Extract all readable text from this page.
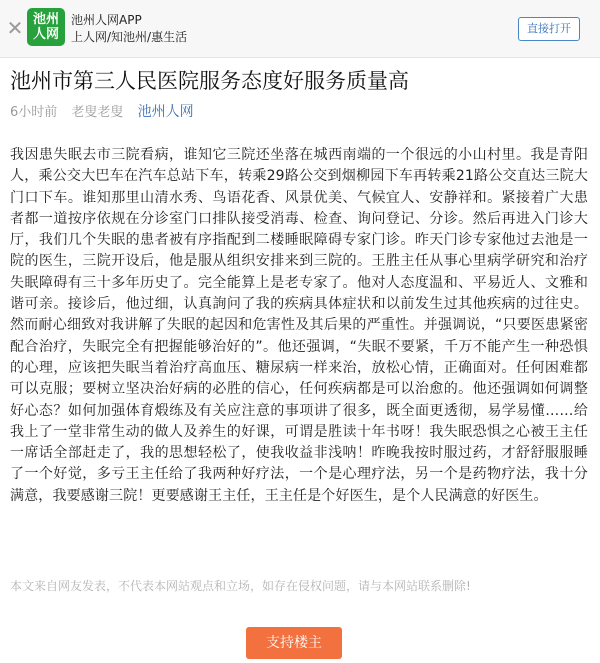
✕ 池州
人网
池州人网APP
上人网/知池州/惠生活
直接打开
池州市第三人民医院服务态度好服务质量高
6小时前 老叟老叟 池州人网
我因患失眠去市三院看病，谁知它三院还坐落在城西南端的一个很远的小山村里。我是青阳人，乘公交大巴车在汽车总站下车，转乘29路公交到烟柳园下车再转乘21路公交直达三院大门口下车。谁知那里山清水秀、鸟语花香、风景优美、气候宜人、安静祥和。紧接着广大患者都一道按序依规在分诊室门口排队接受消毒、检查、询问登记、分诊。然后再进入门诊大厅，我们几个失眠的患者被有序指配到二楼睡眠障碍专家门诊。昨天门诊专家他过去池是一院的医生，三院开设后，他是服从组织安排来到三院的。王胜主任从事心里病学研究和治疗失眠障碍有三十多年历史了。完全能算上是老专家了。他对人态度温和、平易近人、文雅和谐可亲。接诊后，他过细，认真詢问了我的疾病具体症状和以前发生过其他疾病的过往史。然而耐心细致对我讲解了失眠的起因和危害性及其后果的严重性。并强调说，“只要医患紧密配合治疗，失眠完全有把握能够治好的”。他还强调，“失眠不要紧，千万不能产生一种恐惧的心理，应该把失眠当着治疗高血压、糖尿病一样来治，放松心情，正确面对。任何困难都可以克服；要树立坚决治好病的必胜的信心，任何疾病都是可以治愈的。他还强调如何调整好心态？如何加强体育煅练及有关应注意的事项讲了很多，既全面更透彻，易学易懂……给我上了一堂非常生动的做人及养生的好课，可谓是胜读十年书呀！我失眠恐惧之心被王主任一席话全部赶走了，我的思想轻松了，使我收益非浅呐！昨晚我按时服过药，才舒舒服服睡了一个好觉，多亏王主任给了我两种好疗法，一个是心理疗法，另一个是药物疗法，我十分满意，我要感谢三院！更要感谢王主任，王主任是个好医生，是个人民满意的好医生。
本文来自网友发表，不代表本网站观点和立场，如存在侵权问题，请与本网站联系删除!
支持楼主
